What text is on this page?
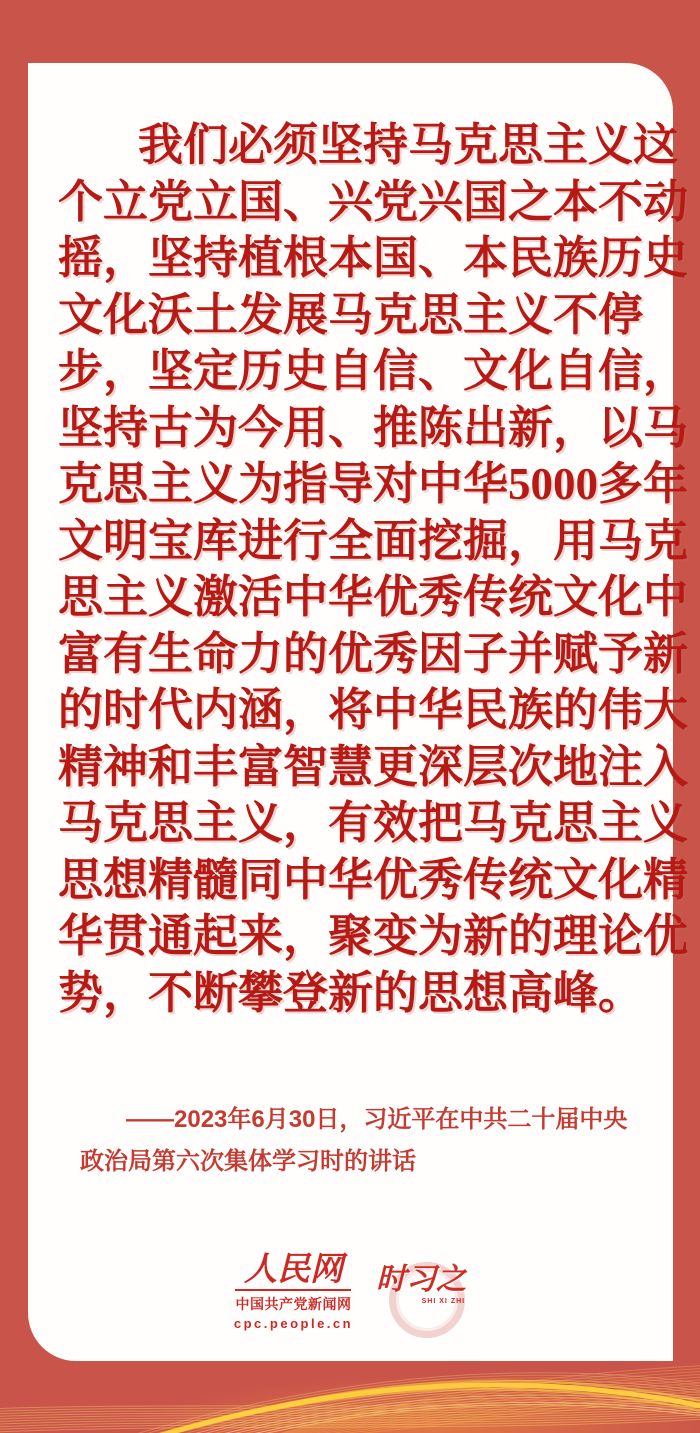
我们必须坚持马克思主义这
个立党立国、兴党兴国之本不动
摇，坚持植根本国、本民族历史
文化沃土发展马克思主义不停
步，坚定历史自信、文化自信，
坚持古为今用、推陈出新，以马
克思主义为指导对中华5000多年
文明宝库进行全面挖掘，用马克
思主义激活中华优秀传统文化中
富有生命力的优秀因子并赋予新
的时代内涵，将中华民族的伟大
精神和丰富智慧更深层次地注入
马克思主义，有效把马克思主义
思想精髓同中华优秀传统文化精
华贯通起来，聚变为新的理论优
势，不断攀登新的思想高峰。
——2023年6月30日，习近平在中共二十届中央
政治局第六次集体学习时的讲话
人民网
中国共产党新闻网
cpc.people.cn
时习之
SHI XI ZHI
